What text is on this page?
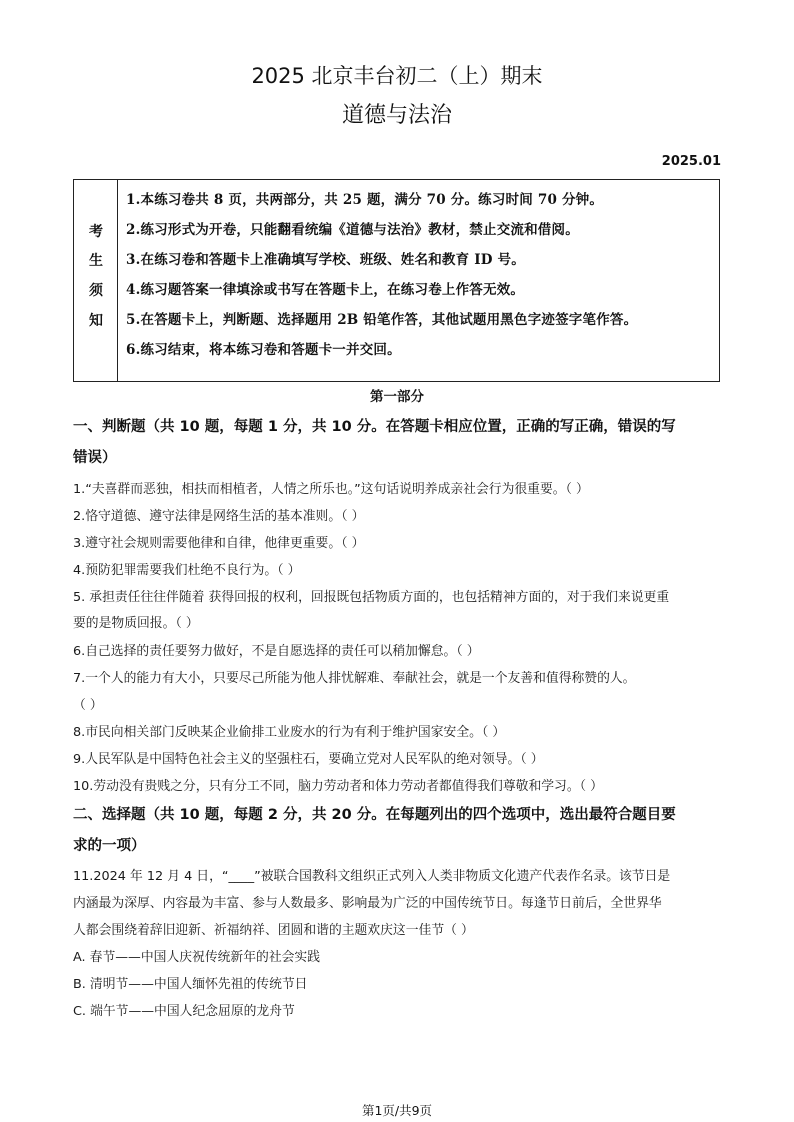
2025 北京丰台初二（上）期末
道德与法治
2025.01
考
生
须
知
1.本练习卷共 8 页，共两部分，共 25 题，满分 70 分。练习时间 70 分钟。
2.练习形式为开卷，只能翻看统编《道德与法治》教材，禁止交流和借阅。
3.在练习卷和答题卡上准确填写学校、班级、姓名和教育 ID 号。
4.练习题答案一律填涂或书写在答题卡上，在练习卷上作答无效。
5.在答题卡上，判断题、选择题用 2B 铅笔作答，其他试题用黑色字迹签字笔作答。
6.练习结束，将本练习卷和答题卡一并交回。
第一部分
一、判断题（共 10 题，每题 1 分，共 10 分。在答题卡相应位置，正确的写正确，错误的写
错误）
1.“夫喜群而恶独，相扶而相植者，人情之所乐也。”这句话说明养成亲社会行为很重要。（ ）
2.恪守道德、遵守法律是网络生活的基本准则。（ ）
3.遵守社会规则需要他律和自律，他律更重要。（ ）
4.预防犯罪需要我们杜绝不良行为。（ ）
5. 承担责任往往伴随着 获得回报的权利，回报既包括物质方面的，也包括精神方面的，对于我们来说更重
要的是物质回报。（ ）
6.自己选择的责任要努力做好，不是自愿选择的责任可以稍加懈怠。（ ）
7.一个人的能力有大小，只要尽己所能为他人排忧解难、奉献社会，就是一个友善和值得称赞的人。
（ ）
8.市民向相关部门反映某企业偷排工业废水的行为有利于维护国家安全。（ ）
9.人民军队是中国特色社会主义的坚强柱石，要确立党对人民军队的绝对领导。（ ）
10.劳动没有贵贱之分，只有分工不同，脑力劳动者和体力劳动者都值得我们尊敬和学习。（ ）
二、选择题（共 10 题，每题 2 分，共 20 分。在每题列出的四个选项中，选出最符合题目要
求的一项）
11.2024 年 12 月 4 日，“____”被联合国教科文组织正式列入人类非物质文化遗产代表作名录。该节日是
内涵最为深厚、内容最为丰富、参与人数最多、影响最为广泛的中国传统节日。每逢节日前后，全世界华
人都会围绕着辞旧迎新、祈福纳祥、团圆和谐的主题欢庆这一佳节（ ）
A. 春节——中国人庆祝传统新年的社会实践
B. 清明节——中国人缅怀先祖的传统节日
C. 端午节——中国人纪念屈原的龙舟节
第1页/共9页
